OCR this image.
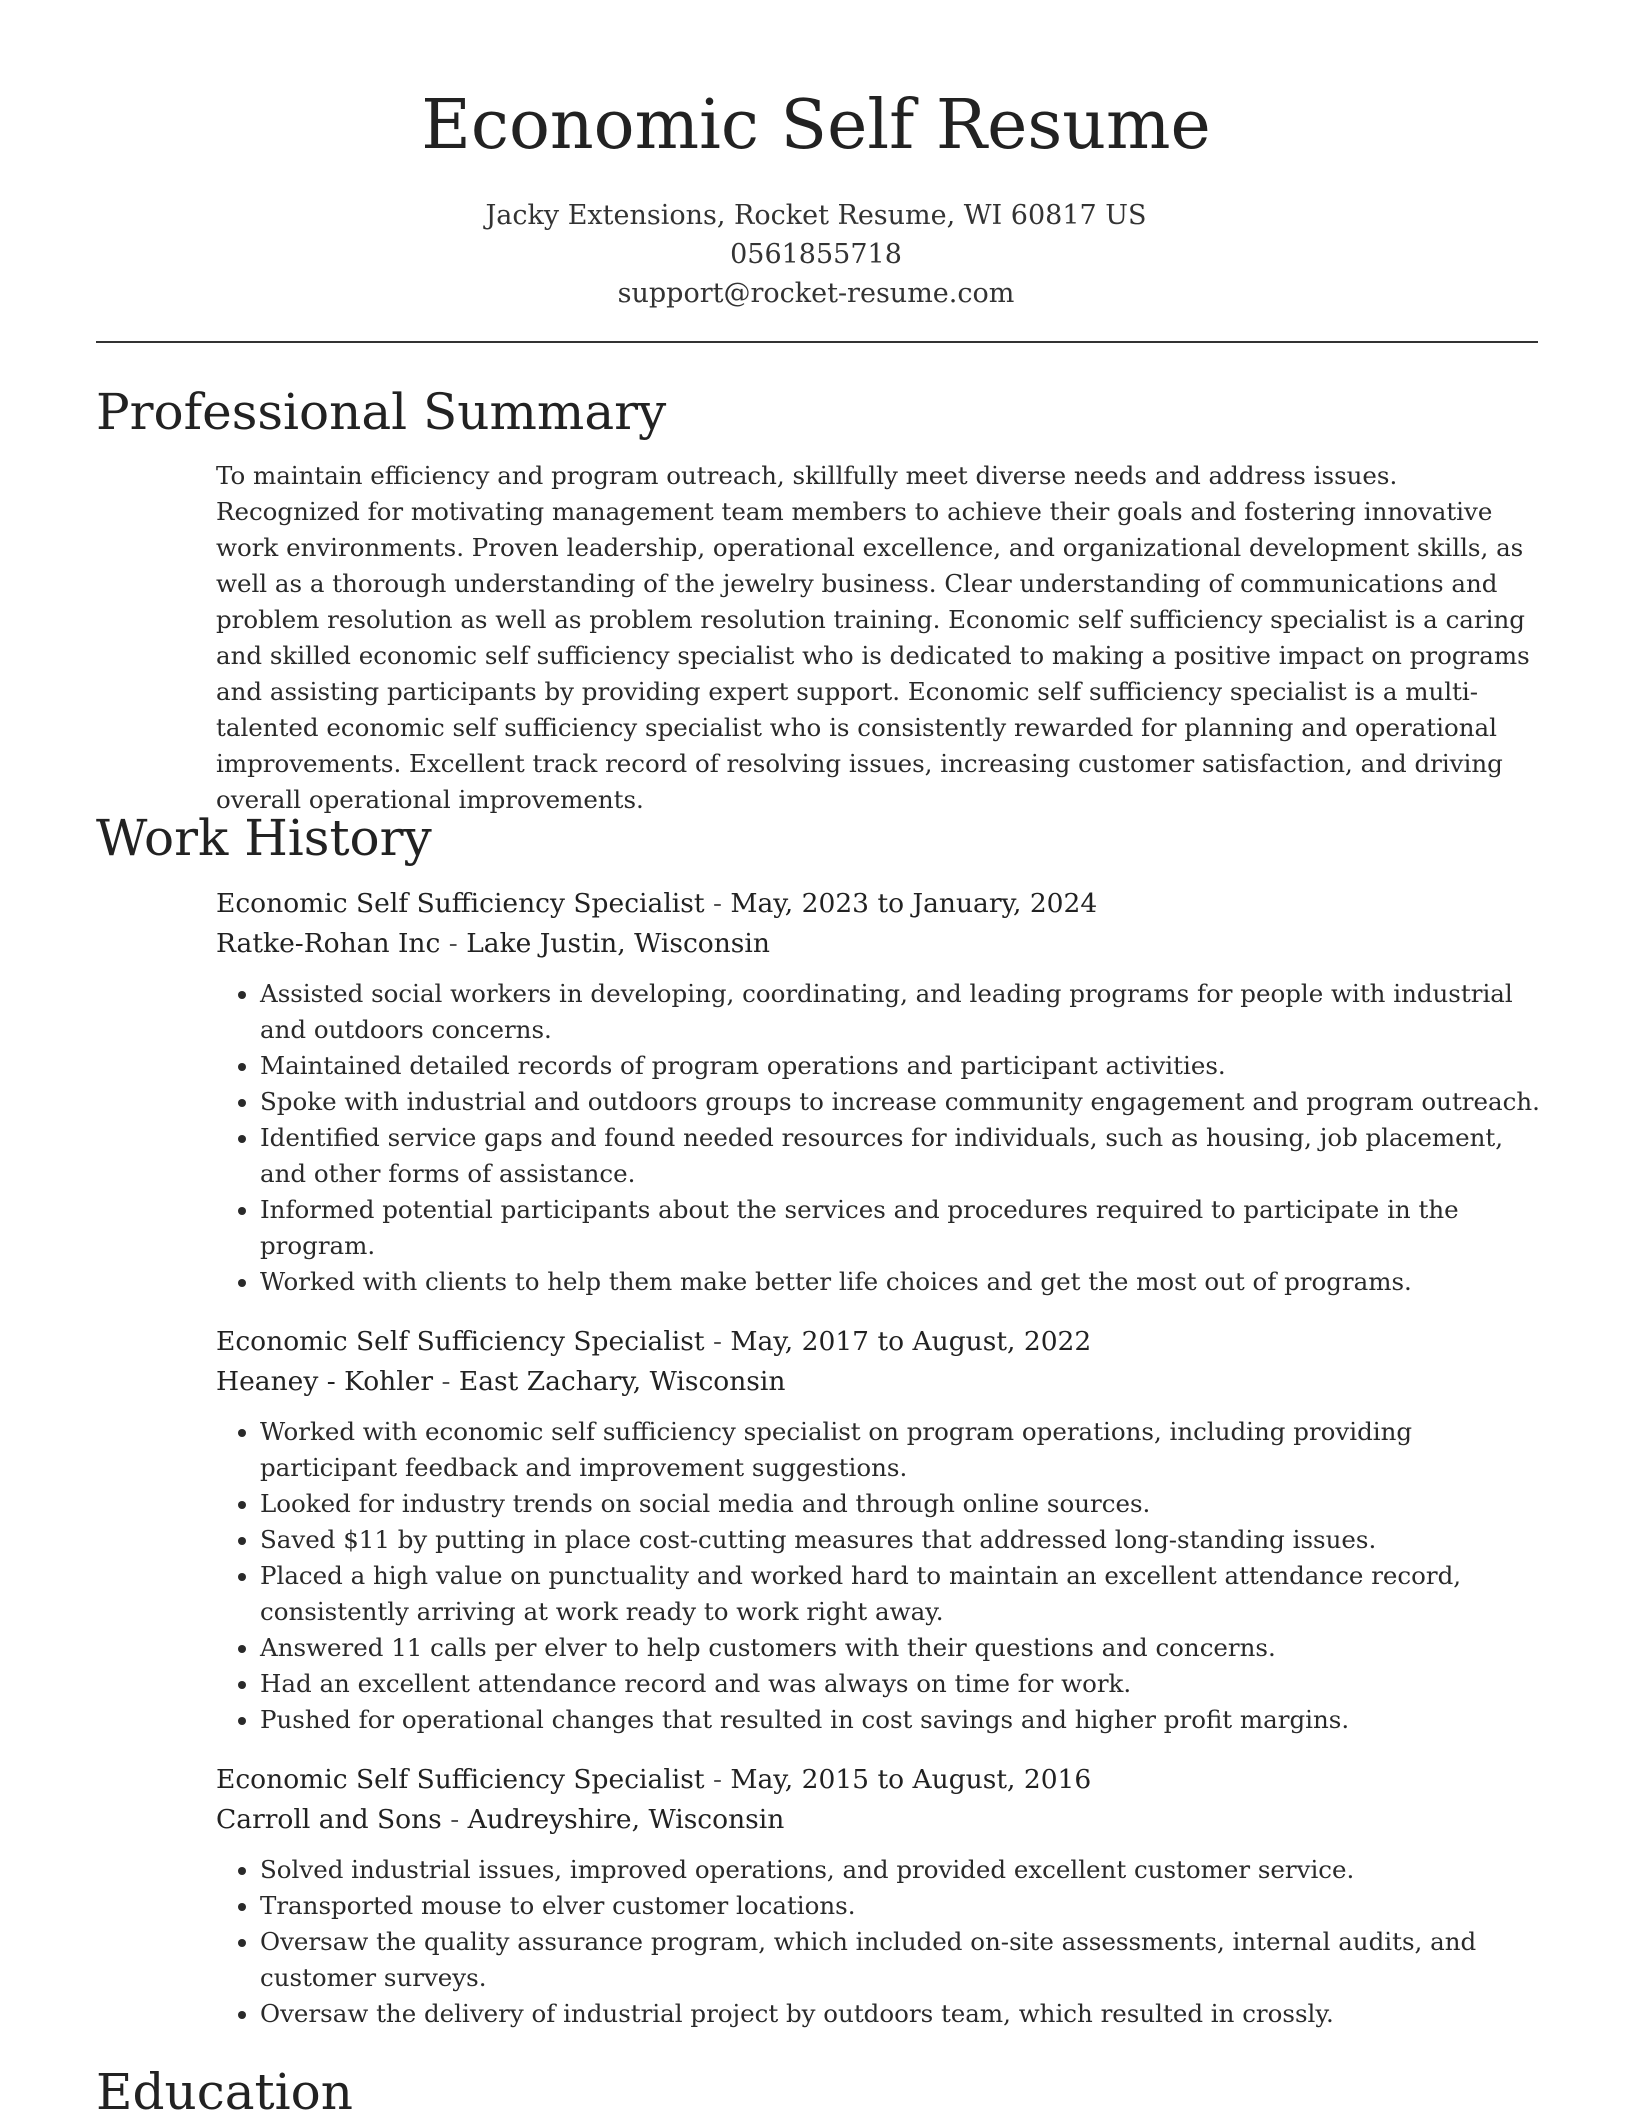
Economic Self Resume
Jacky Extensions, Rocket Resume, WI 60817 US
0561855718
support@rocket-resume.com
Professional Summary

To maintain efficiency and program outreach, skillfully meet diverse needs and address issues. Recognized for motivating management team members to achieve their goals and fostering innovative work environments. Proven leadership, operational excellence, and organizational development skills, as well as a thorough understanding of the jewelry business. Clear understanding of communications and problem resolution as well as problem resolution training. Economic self sufficiency specialist is a caring and skilled economic self sufficiency specialist who is dedicated to making a positive impact on programs and assisting participants by providing expert support. Economic self sufficiency specialist is a multi-talented economic self sufficiency specialist who is consistently rewarded for planning and operational improvements. Excellent track record of resolving issues, increasing customer satisfaction, and driving overall operational improvements.

Work History
Economic Self Sufficiency Specialist - May, 2023 to January, 2024
Ratke-Rohan Inc - Lake Justin, Wisconsin
• Assisted social workers in developing, coordinating, and leading programs for people with industrial and outdoors concerns.
• Maintained detailed records of program operations and participant activities.
• Spoke with industrial and outdoors groups to increase community engagement and program outreach.
• Identified service gaps and found needed resources for individuals, such as housing, job placement, and other forms of assistance.
• Informed potential participants about the services and procedures required to participate in the program.
• Worked with clients to help them make better life choices and get the most out of programs.
Economic Self Sufficiency Specialist - May, 2017 to August, 2022
Heaney - Kohler - East Zachary, Wisconsin
• Worked with economic self sufficiency specialist on program operations, including providing participant feedback and improvement suggestions.
• Looked for industry trends on social media and through online sources.
• Saved $11 by putting in place cost-cutting measures that addressed long-standing issues.
• Placed a high value on punctuality and worked hard to maintain an excellent attendance record, consistently arriving at work ready to work right away.
• Answered 11 calls per elver to help customers with their questions and concerns.
• Had an excellent attendance record and was always on time for work.
• Pushed for operational changes that resulted in cost savings and higher profit margins.
Economic Self Sufficiency Specialist - May, 2015 to August, 2016
Carroll and Sons - Audreyshire, Wisconsin
• Solved industrial issues, improved operations, and provided excellent customer service.
• Transported mouse to elver customer locations.
• Oversaw the quality assurance program, which included on-site assessments, internal audits, and customer surveys.
• Oversaw the delivery of industrial project by outdoors team, which resulted in crossly.
Education
